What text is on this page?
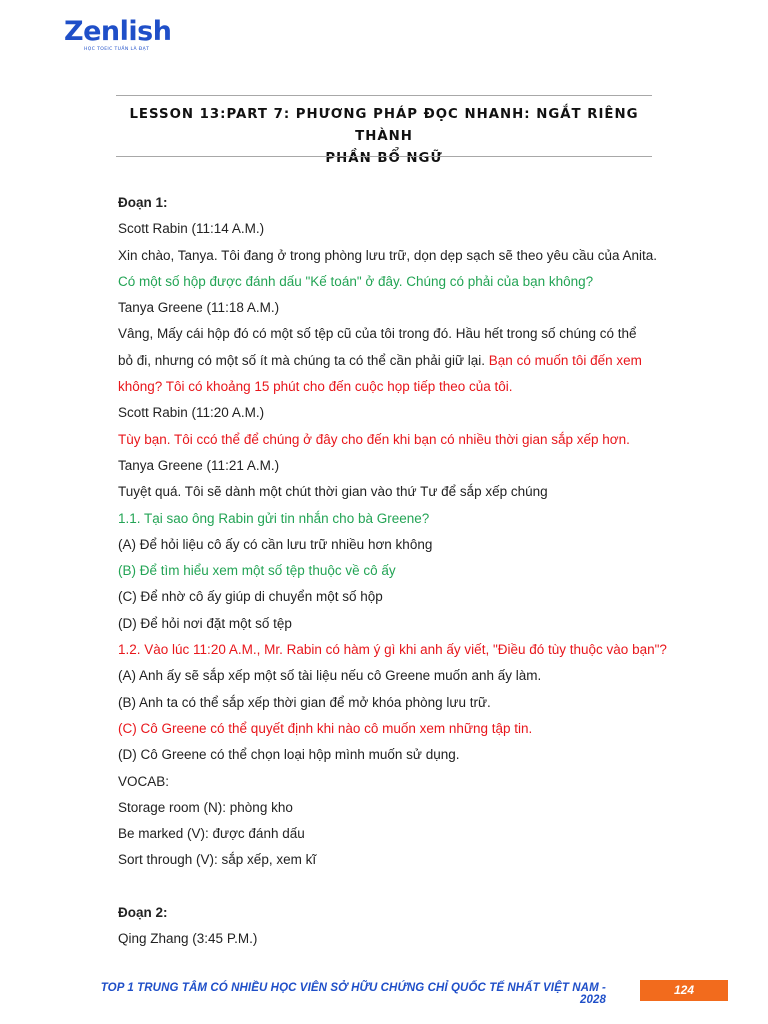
Zenlish
HỌC TOEIC TUẦN LÀ ĐẠT
LESSON 13:PART 7: PHƯƠNG PHÁP ĐỌC NHANH: NGẮT RIÊNG THÀNH
PHẦN BỔ NGỮ
Đoạn 1:
Scott Rabin (11:14 A.M.)
Xin chào, Tanya. Tôi đang ở trong phòng lưu trữ, dọn dẹp sạch sẽ theo yêu cầu của Anita.
Có một số hộp được đánh dấu "Kế toán" ở đây. Chúng có phải của bạn không?
Tanya Greene (11:18 A.M.)
Vâng, Mấy cái hộp đó có một số tệp cũ của tôi trong đó. Hầu hết trong số chúng có thể
bỏ đi, nhưng có một số ít mà chúng ta có thể cần phải giữ lại. Bạn có muốn tôi đến xem
không? Tôi có khoảng 15 phút cho đến cuộc họp tiếp theo của tôi.
Scott Rabin (11:20 A.M.)
Tùy bạn. Tôi ccó thể để chúng ở đây cho đến khi bạn có nhiều thời gian sắp xếp hơn.
Tanya Greene (11:21 A.M.)
Tuyệt quá. Tôi sẽ dành một chút thời gian vào thứ Tư để sắp xếp chúng
1.1. Tại sao ông Rabin gửi tin nhắn cho bà Greene?
(A) Để hỏi liệu cô ấy có cần lưu trữ nhiều hơn không
(B) Để tìm hiểu xem một số tệp thuộc về cô ấy
(C) Để nhờ cô ấy giúp di chuyển một số hộp
(D) Để hỏi nơi đặt một số tệp
1.2. Vào lúc 11:20 A.M., Mr. Rabin có hàm ý gì khi anh ấy viết, "Điều đó tùy thuộc vào bạn"?
(A) Anh ấy sẽ sắp xếp một số tài liệu nếu cô Greene muốn anh ấy làm.
(B) Anh ta có thể sắp xếp thời gian để mở khóa phòng lưu trữ.
(C) Cô Greene có thể quyết định khi nào cô muốn xem những tập tin.
(D) Cô Greene có thể chọn loại hộp mình muốn sử dụng.
VOCAB:
Storage room (N): phòng kho
Be marked (V): được đánh dấu
Sort through (V): sắp xếp, xem kĩ
Đoạn 2:
Qing Zhang (3:45 P.M.)
TOP 1 TRUNG TÂM CÓ NHIỀU HỌC VIÊN SỞ HỮU CHỨNG CHỈ QUỐC TẾ NHẤT VIỆT NAM - 2028
124
